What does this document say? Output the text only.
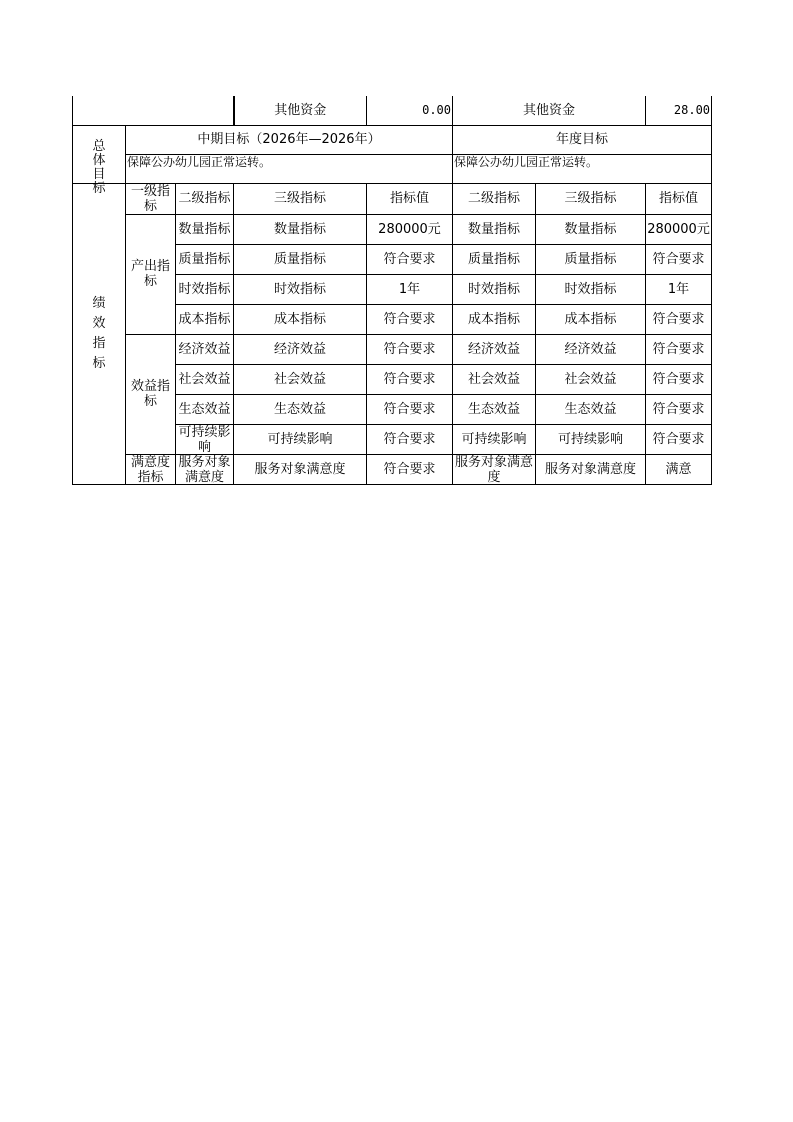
			其他资金	0.00	其他资金		28.00

总体目标	中期目标（2026年—2026年）				年度目标		
	保障公办幼儿园正常运转。				保障公办幼儿园正常运转。		

绩效指标	一级指标	二级指标	三级指标	指标值	二级指标	三级指标	指标值

	产出指标	数量指标	数量指标	280000元	数量指标	数量指标	280000元
		质量指标	质量指标	符合要求	质量指标	质量指标	符合要求
		时效指标	时效指标	1年	时效指标	时效指标	1年
		成本指标	成本指标	符合要求	成本指标	成本指标	符合要求

	效益指标	经济效益	经济效益	符合要求	经济效益	经济效益	符合要求
		社会效益	社会效益	符合要求	社会效益	社会效益	符合要求
		生态效益	生态效益	符合要求	生态效益	生态效益	符合要求

		可持续影响	可持续影响	符合要求	可持续影响	可持续影响	符合要求

	满意度指标	服务对象满意度	服务对象满意度	符合要求	服务对象满意度	服务对象满意度	满意
